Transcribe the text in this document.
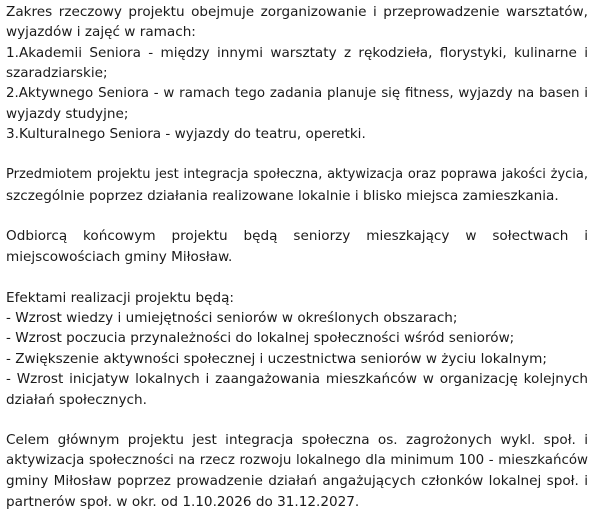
Zakres rzeczowy projektu obejmuje zorganizowanie i przeprowadzenie warsztatów,
wyjazdów i zajęć w ramach:
1.Akademii Seniora - między innymi warsztaty z rękodzieła, florystyki, kulinarne i
szaradziarskie;
2.Aktywnego Seniora - w ramach tego zadania planuje się fitness, wyjazdy na basen i
wyjazdy studyjne;
3.Kulturalnego Seniora - wyjazdy do teatru, operetki.

Przedmiotem projektu jest integracja społeczna, aktywizacja oraz poprawa jakości życia,
szczególnie poprzez działania realizowane lokalnie i blisko miejsca zamieszkania.

Odbiorcą końcowym projektu będą seniorzy mieszkający w sołectwach i
miejscowościach gminy Miłosław.

Efektami realizacji projektu będą:
- Wzrost wiedzy i umiejętności seniorów w określonych obszarach;
- Wzrost poczucia przynależności do lokalnej społeczności wśród seniorów;
- Zwiększenie aktywności społecznej i uczestnictwa seniorów w życiu lokalnym;
- Wzrost inicjatyw lokalnych i zaangażowania mieszkańców w organizację kolejnych
działań społecznych.

Celem głównym projektu jest integracja społeczna os. zagrożonych wykl. społ. i
aktywizacja społeczności na rzecz rozwoju lokalnego dla minimum 100 - mieszkańców
gminy Miłosław poprzez prowadzenie działań angażujących członków lokalnej społ. i
partnerów społ. w okr. od 1.10.2026 do 31.12.2027.
